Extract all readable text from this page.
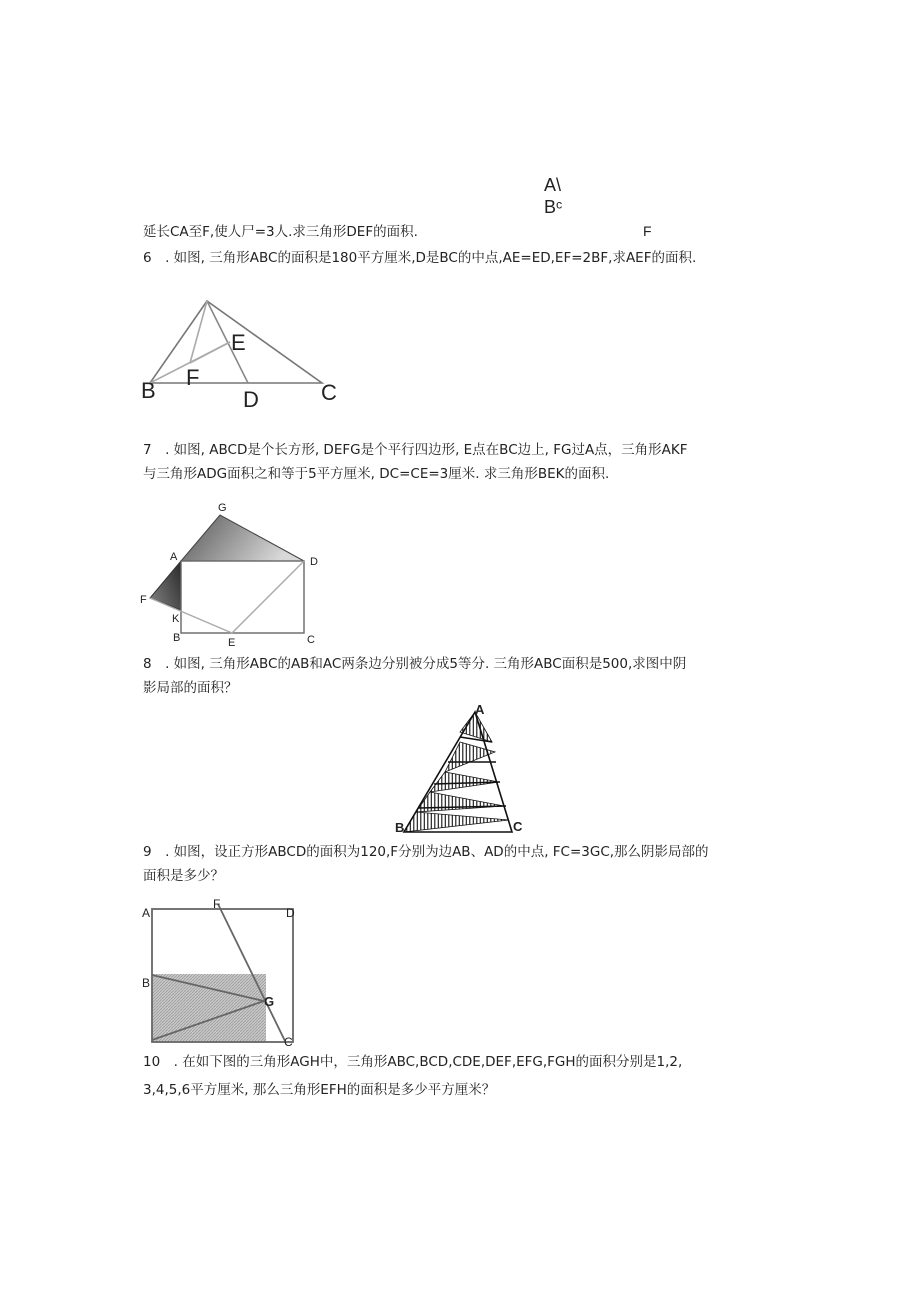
A\
Bᶜ
延长CA至F,使人尸=3人.求三角形DEF的面积.	F
6　. 如图, 三角形ABC的面积是180平方厘米,D是BC的中点,AE=ED,EF=2BF,求AEF的面积.
B	C
D
E
F
7　. 如图, ABCD是个长方形, DEFG是个平行四边形, E点在BC边上, FG过A点，三角形AKF
与三角形ADG面积之和等于5平方厘米, DC=CE=3厘米. 求三角形BEK的面积.
G
A	D
F
K
B	E	C
8　. 如图, 三角形ABC的AB和AC两条边分别被分成5等分. 三角形ABC面积是500,求图中阴
影局部的面积？
A
B	C
9　. 如图，设正方形ABCD的面积为120,F分别为边AB、AD的中点, FC=3GC,那么阴影局部的
面积是多少？
A
F
D
B
G
C
10　. 在如下图的三角形AGH中，三角形ABC,BCD,CDE,DEF,EFG,FGH的面积分别是1,2,
3,4,5,6平方厘米, 那么三角形EFH的面积是多少平方厘米？
